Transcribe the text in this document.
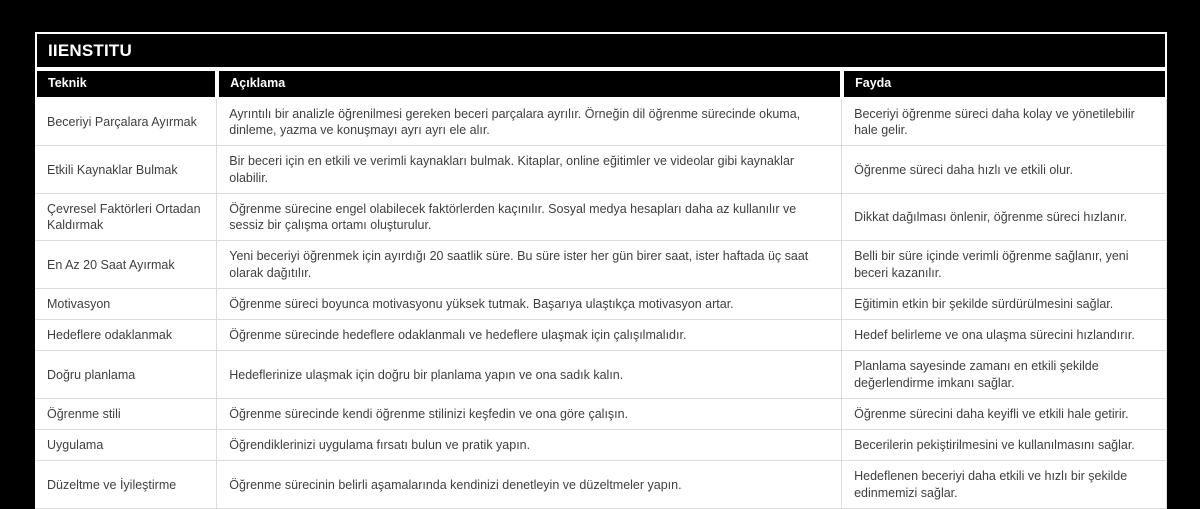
IIENSTITU		
Teknik	Açıklama	Fayda
Beceriyi Parçalara Ayırmak	Ayrıntılı bir analizle öğrenilmesi gereken beceri parçalara ayrılır. Örneğin dil öğrenme sürecinde okuma, dinleme, yazma ve konuşmayı ayrı ayrı ele alır.	Beceriyi öğrenme süreci daha kolay ve yönetilebilir hale gelir.
Etkili Kaynaklar Bulmak	Bir beceri için en etkili ve verimli kaynakları bulmak. Kitaplar, online eğitimler ve videolar gibi kaynaklar olabilir.	Öğrenme süreci daha hızlı ve etkili olur.
Çevresel Faktörleri Ortadan Kaldırmak	Öğrenme sürecine engel olabilecek faktörlerden kaçınılır. Sosyal medya hesapları daha az kullanılır ve sessiz bir çalışma ortamı oluşturulur.	Dikkat dağılması önlenir, öğrenme süreci hızlanır.
En Az 20 Saat Ayırmak	Yeni beceriyi öğrenmek için ayırdığı 20 saatlik süre. Bu süre ister her gün birer saat, ister haftada üç saat olarak dağıtılır.	Belli bir süre içinde verimli öğrenme sağlanır, yeni beceri kazanılır.
Motivasyon	Öğrenme süreci boyunca motivasyonu yüksek tutmak. Başarıya ulaştıkça motivasyon artar.	Eğitimin etkin bir şekilde sürdürülmesini sağlar.
Hedeflere odaklanmak	Öğrenme sürecinde hedeflere odaklanmalı ve hedeflere ulaşmak için çalışılmalıdır.	Hedef belirleme ve ona ulaşma sürecini hızlandırır.
Doğru planlama	Hedeflerinize ulaşmak için doğru bir planlama yapın ve ona sadık kalın.	Planlama sayesinde zamanı en etkili şekilde değerlendirme imkanı sağlar.
Öğrenme stili	Öğrenme sürecinde kendi öğrenme stilinizi keşfedin ve ona göre çalışın.	Öğrenme sürecini daha keyifli ve etkili hale getirir.
Uygulama	Öğrendiklerinizi uygulama fırsatı bulun ve pratik yapın.	Becerilerin pekiştirilmesini ve kullanılmasını sağlar.
Düzeltme ve İyileştirme	Öğrenme sürecinin belirli aşamalarında kendinizi denetleyin ve düzeltmeler yapın.	Hedeflenen beceriyi daha etkili ve hızlı bir şekilde edinmemizi sağlar.
